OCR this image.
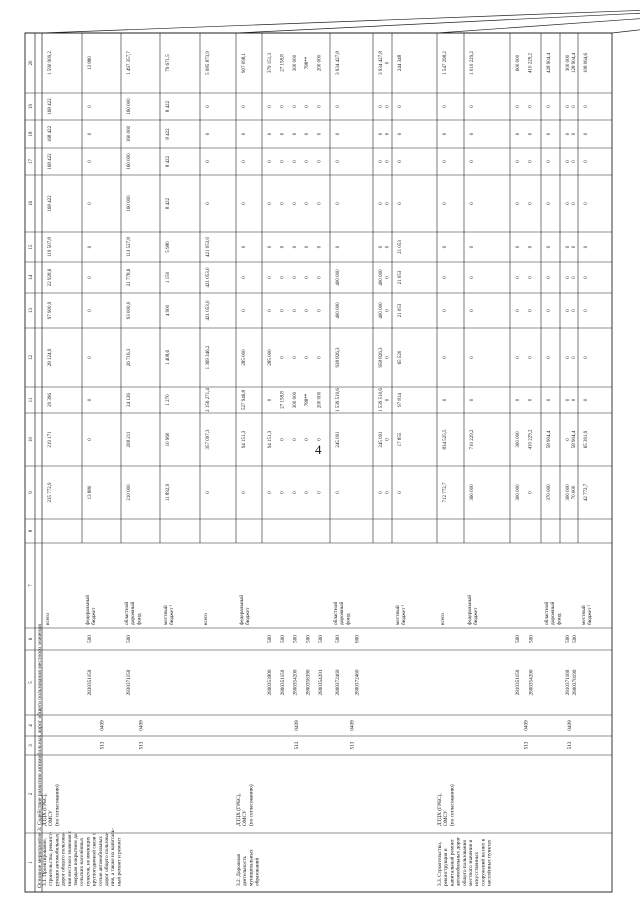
1
2
3
4
5
6
7
8
9
10
11
12
13
14
15
16
17
18
19
20
Основное мероприятие 3: Содействие развитию автомобильных дорог общего пользования местного значения 3.1. Проектирование, строительство, реконст- рукция автомобильных дорог общего пользова- ния местного значения с твердым покрытием до сельских населённых пунктов, не имеющих круглогодичной связи с сетью автомобильных дорог общего пользова- ния, а также их капиталь- ный ремонт и ремонт
ДТДХ (ГРБС), ОМСУ (по согласованию)
3.2. Дорожная деятельность муниципальных образований
ДТДХ (ГРБС), ОМСУ (по согласованию)
3.3. Строительство, реконструкция и капитальный ремонт автомобильных дорог общего пользования местного значения и искусственных сооружений на них в населённых пунктах
ДТДХ (ГРБС), ОМСУ (по согласованию)
всего
235 772,9
219 171
29 396
28 124,9
97 900,9
22 928,6
119 507,8
168 422
168 422
168 422
168 422
1 590 909,2
513
0409
2830351150
500
федеральный бюджет
13 880
0
0
0
0
0
0
0
0
0
0
13 880
513
0409
2830371150
500
областной дорожный фонд
210 000
208 211
24 126
26 716,3
93 000,0
21 778,6
113 527,8
160 000
160 000
160 000
160 000
1 497 357,7
местный бюджет ¹
11 892,9
10 960
1 270
1 408,6
4 900
1 150
5 980
8 422
8 422
8 422
8 422
79 671,5
всего
0
357 097,3
2 156 271,4
1 369 346,2
421 053,0
421 053,0
421 053,0
0
0
0
0
5 085 873,9
федеральный бюджет
0
94 151,3
527 946,8
285 000
0
0
0
0
0
0
0
907 098,1
513
0409
2800353900 2800351150 2800354200 2800358390 2800354201
500 500 500 500 500
0
94 151,3
0
285 000
0
0
0
0
0
0
0
379 151,3
0
0
27 158,8
0
0
0
0
0
0
0
0
27 158,8
0
0
300 000
0
0
0
0
0
0
0
0
300 000
0
0
788**
0
0
0
0
0
0
0
0
788**
0
0
200 000
0
0
0
0
0
0
0
0
200 000
513
0409
2800372460	2800372460
500	800
областной дорожный фонд
0
245 091
1 539 510,6
938 826,3
400 000
400 000
0
0
0
0
0
3 934 427,8
0
245 091
1 539 510,6
958 826,3
400 000
400 000
0
0
0
0
0
3 934 427,8
0
0
0
0
0
0
0
0
0
0
0
0
местный бюджет ¹
0
17 855
97 814
65 520
21 053
21 053
21 053
0
0
0
0
244 348
всего
712 772,7
834 525,5
0
0
0
0
0
0
0
0
0
1 547 298,2
федеральный бюджет
360 000
710 229,2
0
0
0
0
0
0
0
0
0
1 010 229,2
513
0409
2810351150 2800354200
500 500
300 000
300 000
0
0
0
0
0
0
0
0
0
600 000
0
410 229,2
0
0
0
0
0
0
0
0
0
410 229,2
областной дорожный фонд
370 000
58 904,4
0
0
0
0
0
0
0
0
0
428 904,4
513
0409
2810371160 2800370190
500 500
300 000
0
0
0
0
0
0
0
0
0
0
300 000
70 000
58 904,4
0
0
0
0
0
0
0
0
0
128 904,4
местный бюджет ¹
42 772,7
65 391,9
0
0
0
0
0
0
0
0
0
108 064,6
4
